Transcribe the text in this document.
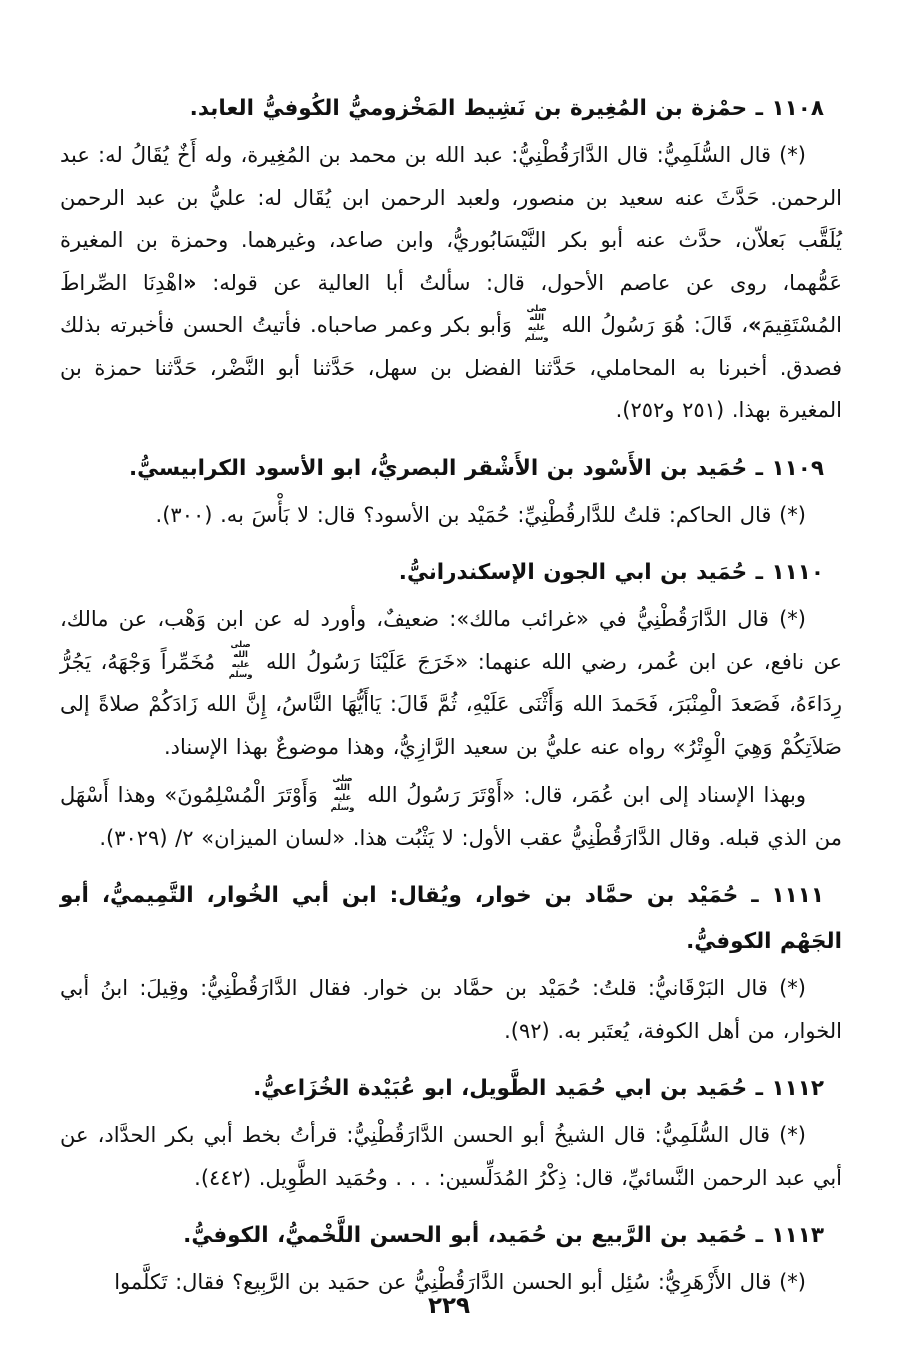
١١٠٨ ـ حمْزة بن المُغِيرة بن نَشِيط المَخْزوميُّ الكُوفيُّ العابد.

(*) قال السُّلَمِيُّ: قال الدَّارَقُطْنِيُّ: عبد الله بن محمد بن المُغِيرة، وله أَخٌ يُقَالُ له: عبد الرحمن. حَدَّثَ عنه سعيد بن منصور، ولعبد الرحمن ابن يُقَال له: عليُّ بن عبد الرحمن يُلَقَّب بَعلاّن، حدَّث عنه أبو بكر النَّيْسَابُوريُّ، وابن صاعد، وغيرهما. وحمزة بن المغيرة عَمُّهما، روى عن عاصم الأحول، قال: سألتُ أبا العالية عن قوله: «اهْدِنَا الصِّراطَ المُسْتَقِيمَ»، قَالَ: هُوَ رَسُولُ الله
صلى الله
عليه وسلم
وَأبو بكر وعمر صاحباه. فأتيتُ الحسن فأخبرته بذلك فصدق. أخبرنا به المحاملي، حَدَّثنا الفضل بن سهل، حَدَّثنا أبو النَّضْر، حَدَّثنا حمزة بن المغيرة بهذا. (٢٥١ و٢٥٢).

١١٠٩ ـ حُمَيد بن الأَسْود بن الأَشْقر البصريُّ، ابو الأسود الكرابيسيُّ.

(*) قال الحاكم: قلتُ للدَّارقُطْنِيِّ: حُمَيْد بن الأسود؟ قال: لا بَأْسَ به. (٣٠٠).

١١١٠ ـ حُمَيد بن ابي الجون الإسكندرانيُّ.

(*) قال الدَّارَقُطْنِيُّ في «غرائب مالك»: ضعيفٌ، وأورد له عن ابن وَهْب، عن مالك، عن نافع، عن ابن عُمر، رضي الله عنهما: «خَرَجَ عَلَيْنَا رَسُولُ الله
صلى الله
عليه وسلم
مُخَمِّراً وَجْهَهُ، يَجُرُّ رِدَاءَهُ، فَصَعدَ الْمِنْبَرَ، فَحَمدَ الله وَأَثْنَى عَلَيْهِ، ثُمَّ قَالَ: يَاأَيُّهَا النَّاسُ، إِنَّ الله زَادَكُمْ صلاةً إلى صَلاَتِكُمْ وَهِيَ الْوِتْرُ» رواه عنه عليُّ بن سعيد الرَّازِيُّ، وهذا موضوعٌ بهذا الإسناد.

وبهذا الإسناد إلى ابن عُمَر، قال: «أَوْتَرَ رَسُولُ الله
صلى الله
عليه وسلم
وَأَوْتَرَ الْمُسْلِمُونَ» وهذا أَسْهَل من الذي قبله. وقال الدَّارَقُطْنِيُّ عقب الأول: لا يَثْبُت هذا. «لسان الميزان» ٢/ (٣٠٢٩).

١١١١ ـ حُمَيْد بن حمَّاد بن خوار، ويُقال: ابن أبي الخُوار، التَّمِيميُّ، أبو الجَهْم الكوفيُّ.

(*) قال البَرْقَانيُّ: قلتُ: حُمَيْد بن حمَّاد بن خوار. فقال الدَّارَقُطْنِيُّ: وقِيلَ: ابنُ أبي الخوار، من أهل الكوفة، يُعتَبر به. (٩٢).

١١١٢ ـ حُمَيد بن ابي حُمَيد الطَّويل، ابو عُبَيْدة الخُزَاعيُّ.

(*) قال السُّلَمِيُّ: قال الشيخُ أبو الحسن الدَّارَقُطْنِيُّ: قرأتُ بخط أبي بكر الحدَّاد، عن أبي عبد الرحمن النَّسائيِّ، قال: ذِكْرُ المُدَلِّسين: . . . وحُمَيد الطَّوِيل. (٤٤٢).

١١١٣ ـ حُمَيد بن الرَّبيع بن حُمَيد، أبو الحسن اللَّخْميُّ، الكوفيُّ.

(*) قال الأَزْهَرِيُّ: سُئِل أبو الحسن الدَّارَقُطْنِيُّ عن حمَيد بن الرَّبِيع؟ فقال: تَكلَّموا

٢٢٩
